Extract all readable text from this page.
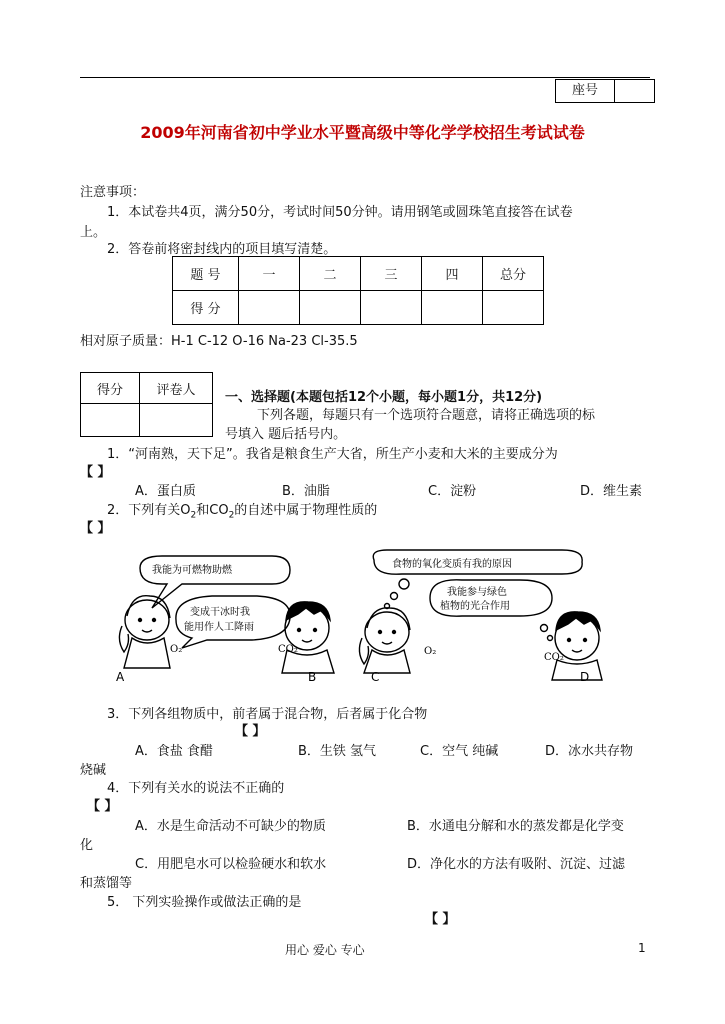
座号
2009年河南省初中学业水平暨高级中等化学学校招生考试试卷
注意事项：
1．本试卷共4页，满分50分，考试时间50分钟。请用钢笔或圆珠笔直接答在试卷
上。
2．答卷前将密封线内的项目填写清楚。
题 号	一	二	三	四	总分
得 分					
相对原子质量：H-1 C-12 O-16 Na-23 Cl-35.5
得分	评卷人
	一、选择题(本题包括12个小题，每小题1分，共12分)
下列各题，每题只有一个选项符合题意，请将正确选项的标
号填入 题后括号内。
1．“河南熟，天下足”。我省是粮食生产大省，所生产小麦和大米的主要成分为
【 】
A．蛋白质	B．油脂	C．淀粉	D．维生素
2．下列有关$O_2$和$CO_2$的自述中属于物理性质的
【 】
我能为可燃物助燃
变成干冰时我
能用作人工降雨
食物的氧化变质有我的原因
我能参与绿色
植物的光合作用
O₂	CO₂	O₂
CO₂
A	B	C	D
3．下列各组物质中，前者属于混合物，后者属于化合物
【 】
A．食盐 食醋	B．生铁 氢气	C．空气 纯碱	D．冰水共存物
烧碱
4．下列有关水的说法不正确的
【 】
A．水是生命活动不可缺少的物质	B．水通电分解和水的蒸发都是化学变
化
C．用肥皂水可以检验硬水和软水	D．净化水的方法有吸附、沉淀、过滤
和蒸馏等
5． 下列实验操作或做法正确的是
【 】
用心 爱心 专心	1
